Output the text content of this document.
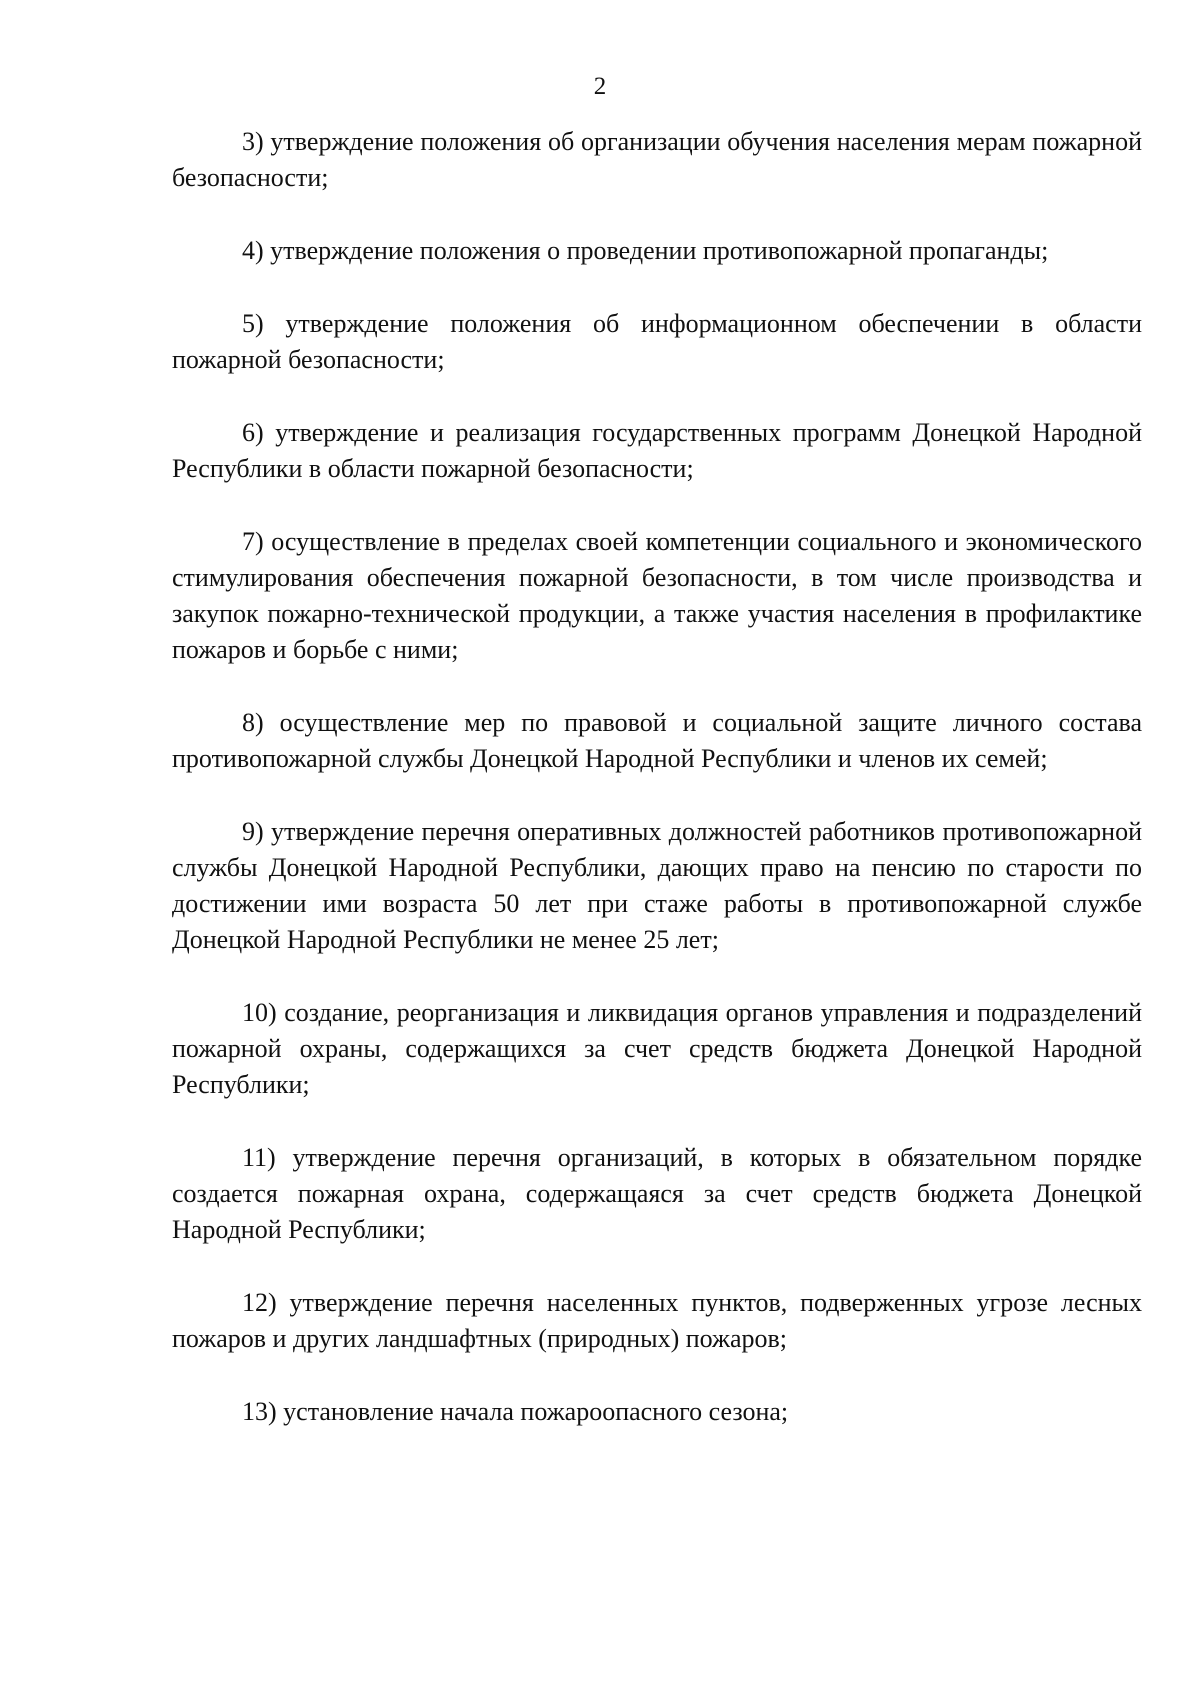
2

3) утверждение положения об организации обучения населения мерам пожарной безопасности;

4) утверждение положения о проведении противопожарной пропаганды;

5) утверждение положения об информационном обеспечении в области пожарной безопасности;

6) утверждение и реализация государственных программ Донецкой Народной Республики в области пожарной безопасности;

7) осуществление в пределах своей компетенции социального и экономического стимулирования обеспечения пожарной безопасности, в том числе производства и закупок пожарно-технической продукции, а также участия населения в профилактике пожаров и борьбе с ними;

8) осуществление мер по правовой и социальной защите личного состава противопожарной службы Донецкой Народной Республики и членов их семей;

9) утверждение перечня оперативных должностей работников противопожарной службы Донецкой Народной Республики, дающих право на пенсию по старости по достижении ими возраста 50 лет при стаже работы в противопожарной службе Донецкой Народной Республики не менее 25 лет;

10) создание, реорганизация и ликвидация органов управления и подразделений пожарной охраны, содержащихся за счет средств бюджета Донецкой Народной Республики;

11) утверждение перечня организаций, в которых в обязательном порядке создается пожарная охрана, содержащаяся за счет средств бюджета Донецкой Народной Республики;

12) утверждение перечня населенных пунктов, подверженных угрозе лесных пожаров и других ландшафтных (природных) пожаров;

13) установление начала пожароопасного сезона;
